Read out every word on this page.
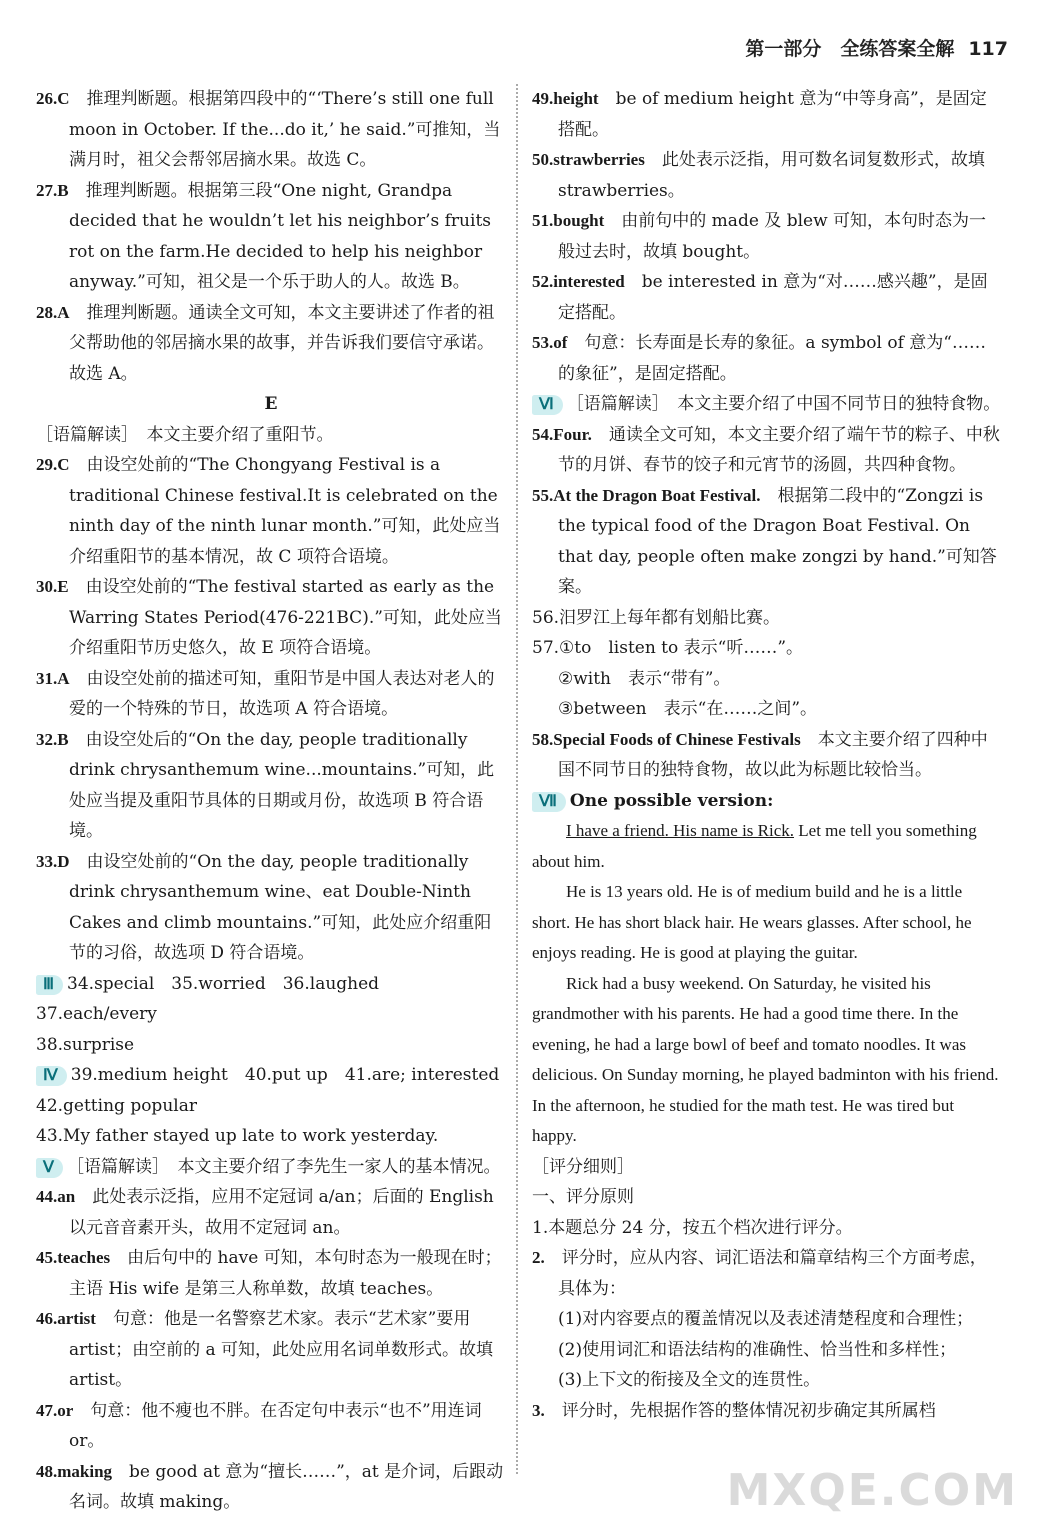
第一部分　全练答案全解 117
26.C　推理判断题。根据第四段中的“‘There’s still one full moon in October. If the...do it,’ he said.”可推知，当满月时，祖父会帮邻居摘水果。故选 C。
27.B　推理判断题。根据第三段“One night, Grandpa decided that he wouldn’t let his neighbor’s fruits rot on the farm.He decided to help his neighbor anyway.”可知，祖父是一个乐于助人的人。故选 B。
28.A　推理判断题。通读全文可知，本文主要讲述了作者的祖父帮助他的邻居摘水果的故事，并告诉我们要信守承诺。故选 A。
E
［语篇解读］　本文主要介绍了重阳节。
29.C　由设空处前的“The Chongyang Festival is a traditional Chinese festival.It is celebrated on the ninth day of the ninth lunar month.”可知，此处应当介绍重阳节的基本情况，故 C 项符合语境。
30.E　由设空处前的“The festival started as early as the Warring States Period(476-221BC).”可知，此处应当介绍重阳节历史悠久，故 E 项符合语境。
31.A　由设空处前的描述可知，重阳节是中国人表达对老人的爱的一个特殊的节日，故选项 A 符合语境。
32.B　由设空处后的“On the day, people traditionally drink chrysanthemum wine...mountains.”可知，此处应当提及重阳节具体的日期或月份，故选项 B 符合语境。
33.D　由设空处前的“On the day, people traditionally drink chrysanthemum wine、eat Double-Ninth Cakes and climb mountains.”可知，此处应介绍重阳节的习俗，故选项 D 符合语境。
Ⅲ 34.special　35.worried　36.laughed　37.each/every
38.surprise
Ⅳ 39.medium height　40.put up　41.are; interested
42.getting popular
43.My father stayed up late to work yesterday.
Ⅴ ［语篇解读］　本文主要介绍了李先生一家人的基本情况。
44.an　此处表示泛指，应用不定冠词 a/an；后面的 English 以元音音素开头，故用不定冠词 an。
45.teaches　由后句中的 have 可知，本句时态为一般现在时；主语 His wife 是第三人称单数，故填 teaches。
46.artist　句意：他是一名警察艺术家。表示“艺术家”要用 artist；由空前的 a 可知，此处应用名词单数形式。故填 artist。
47.or　句意：他不瘦也不胖。在否定句中表示“也不”用连词 or。
48.making　be good at 意为“擅长……”，at 是介词，后跟动名词。故填 making。
49.height　be of medium height 意为“中等身高”，是固定搭配。
50.strawberries　此处表示泛指，用可数名词复数形式，故填 strawberries。
51.bought　由前句中的 made 及 blew 可知，本句时态为一般过去时，故填 bought。
52.interested　be interested in 意为“对……感兴趣”，是固定搭配。
53.of　句意：长寿面是长寿的象征。a symbol of 意为“……的象征”，是固定搭配。
Ⅵ ［语篇解读］　本文主要介绍了中国不同节日的独特食物。
54.Four.　通读全文可知，本文主要介绍了端午节的粽子、中秋节的月饼、春节的饺子和元宵节的汤圆，共四种食物。
55.At the Dragon Boat Festival.　根据第二段中的“Zongzi is the typical food of the Dragon Boat Festival. On that day, people often make zongzi by hand.”可知答案。
56.汨罗江上每年都有划船比赛。
57.①to　listen to 表示“听……”。
②with　表示“带有”。
③between　表示“在……之间”。
58.Special Foods of Chinese Festivals　本文主要介绍了四种中国不同节日的独特食物，故以此为标题比较恰当。
Ⅶ One possible version:
I have a friend. His name is Rick. Let me tell you something about him.
He is 13 years old. He is of medium build and he is a little short. He has short black hair. He wears glasses. After school, he enjoys reading. He is good at playing the guitar.
Rick had a busy weekend. On Saturday, he visited his grandmother with his parents. He had a good time there. In the evening, he had a large bowl of beef and tomato noodles. It was delicious. On Sunday morning, he played badminton with his friend. In the afternoon, he studied for the math test. He was tired but happy.
［评分细则］
一、评分原则
1.本题总分 24 分，按五个档次进行评分。
2.　评分时，应从内容、词汇语法和篇章结构三个方面考虑，具体为：
(1)对内容要点的覆盖情况以及表述清楚程度和合理性；
(2)使用词汇和语法结构的准确性、恰当性和多样性；
(3)上下文的衔接及全文的连贯性。
3.　评分时，先根据作答的整体情况初步确定其所属档
MXQE.COM
